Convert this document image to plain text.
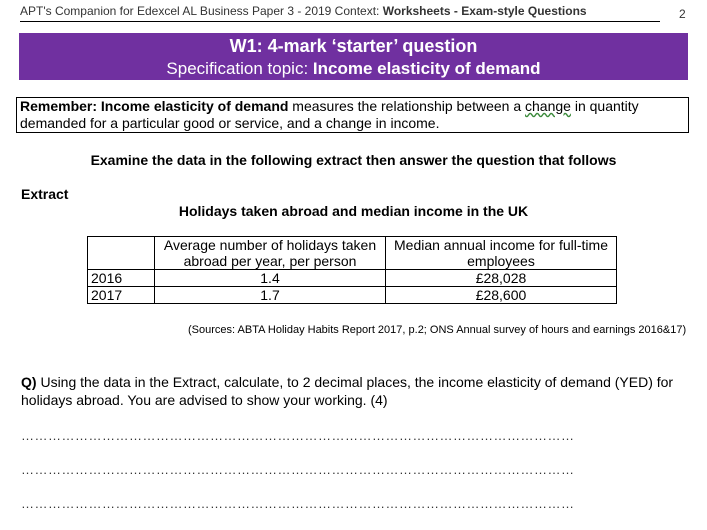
APT's Companion for Edexcel AL Business Paper 3 - 2019 Context: Worksheets - Exam-style Questions	2
W1: 4-mark ‘starter’ question
Specification topic: Income elasticity of demand
Remember: Income elasticity of demand measures the relationship between a change in quantity demanded for a particular good or service, and a change in income.
Examine the data in the following extract then answer the question that follows
Extract
Holidays taken abroad and median income in the UK
	Average number of holidays taken abroad per year, per person	Median annual income for full-time employees
2016	1.4	£28,028
2017	1.7	£28,600
(Sources: ABTA Holiday Habits Report 2017, p.2; ONS Annual survey of hours and earnings 2016&17)
Q) Using the data in the Extract, calculate, to 2 decimal places, the income elasticity of demand (YED) for holidays abroad. You are advised to show your working. (4)
……………………………………………………………………………………………………………
……………………………………………………………………………………………………………
……………………………………………………………………………………………………………
